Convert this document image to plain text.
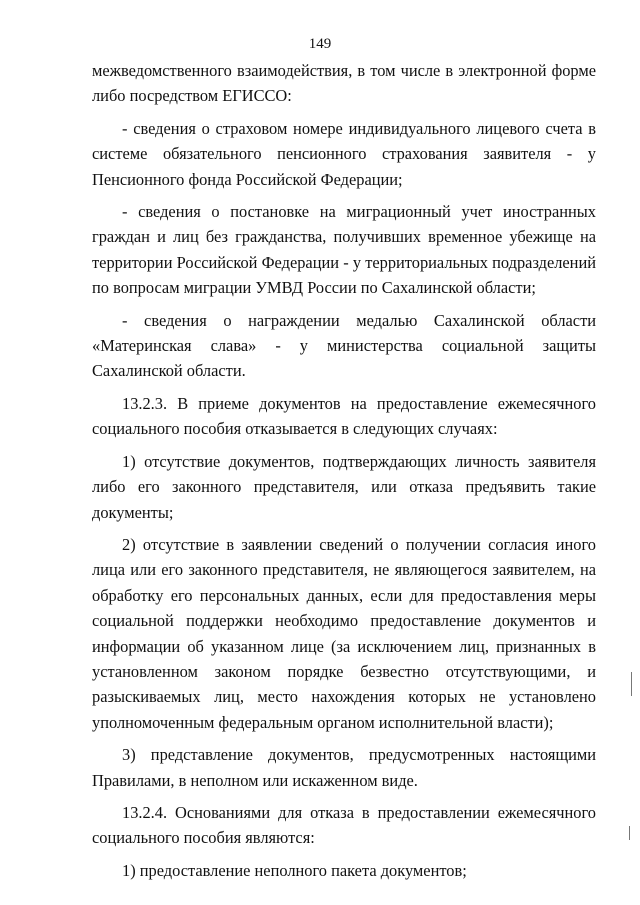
149

межведомственного взаимодействия, в том числе в электронной форме либо посредством ЕГИССО:

- сведения о страховом номере индивидуального лицевого счета в системе обязательного пенсионного страхования заявителя - у Пенсионного фонда Российской Федерации;

- сведения о постановке на миграционный учет иностранных граждан и лиц без гражданства, получивших временное убежище на территории Российской Федерации - у территориальных подразделений по вопросам миграции УМВД России по Сахалинской области;

- сведения о награждении медалью Сахалинской области «Материнская слава» - у министерства социальной защиты Сахалинской области.

13.2.3. В приеме документов на предоставление ежемесячного социального пособия отказывается в следующих случаях:

1) отсутствие документов, подтверждающих личность заявителя либо его законного представителя, или отказа предъявить такие документы;

2) отсутствие в заявлении сведений о получении согласия иного лица или его законного представителя, не являющегося заявителем, на обработку его персональных данных, если для предоставления меры социальной поддержки необходимо предоставление документов и информации об указанном лице (за исключением лиц, признанных в установленном законом порядке безвестно отсутствующими, и разыскиваемых лиц, место нахождения которых не установлено уполномоченным федеральным органом исполнительной власти);

3) представление документов, предусмотренных настоящими Правилами, в неполном или искаженном виде.

13.2.4. Основаниями для отказа в предоставлении ежемесячного социального пособия являются:

1) предоставление неполного пакета документов;
